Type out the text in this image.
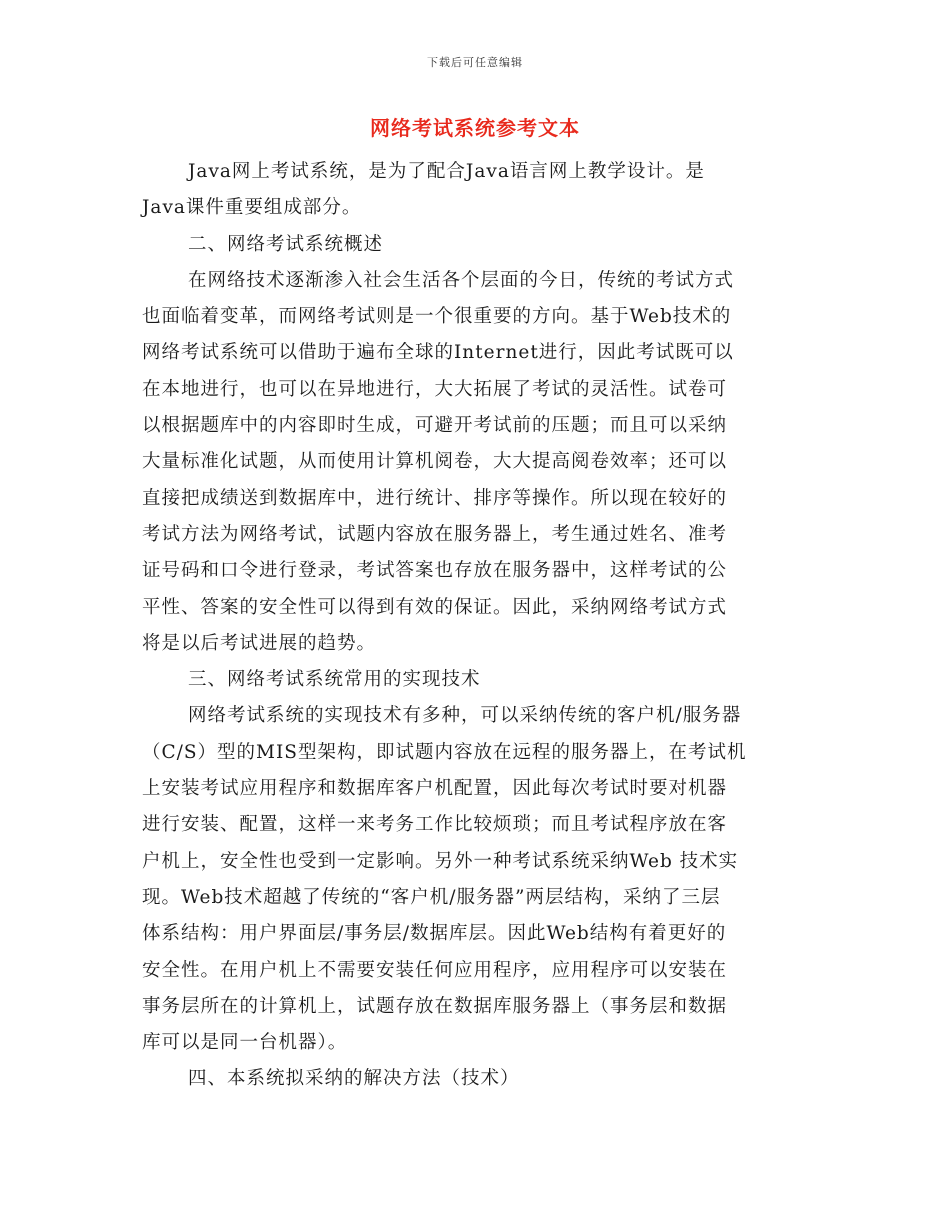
下载后可任意编辑
网络考试系统参考文本
Java网上考试系统，是为了配合Java语言网上教学设计。是
Java课件重要组成部分。
二、网络考试系统概述
在网络技术逐渐渗入社会生活各个层面的今日，传统的考试方式
也面临着变革，而网络考试则是一个很重要的方向。基于Web技术的
网络考试系统可以借助于遍布全球的Internet进行，因此考试既可以
在本地进行，也可以在异地进行，大大拓展了考试的灵活性。试卷可
以根据题库中的内容即时生成，可避开考试前的压题；而且可以采纳
大量标准化试题，从而使用计算机阅卷，大大提高阅卷效率；还可以
直接把成绩送到数据库中，进行统计、排序等操作。所以现在较好的
考试方法为网络考试，试题内容放在服务器上，考生通过姓名、准考
证号码和口令进行登录，考试答案也存放在服务器中，这样考试的公
平性、答案的安全性可以得到有效的保证。因此，采纳网络考试方式
将是以后考试进展的趋势。
三、网络考试系统常用的实现技术
网络考试系统的实现技术有多种，可以采纳传统的客户机/服务器
（C/S）型的MIS型架构，即试题内容放在远程的服务器上，在考试机
上安装考试应用程序和数据库客户机配置，因此每次考试时要对机器
进行安装、配置，这样一来考务工作比较烦琐；而且考试程序放在客
户机上，安全性也受到一定影响。另外一种考试系统采纳Web 技术实
现。Web技术超越了传统的“客户机/服务器”两层结构，采纳了三层
体系结构：用户界面层/事务层/数据库层。因此Web结构有着更好的
安全性。在用户机上不需要安装任何应用程序，应用程序可以安装在
事务层所在的计算机上，试题存放在数据库服务器上（事务层和数据
库可以是同一台机器）。
四、本系统拟采纳的解决方法（技术）
